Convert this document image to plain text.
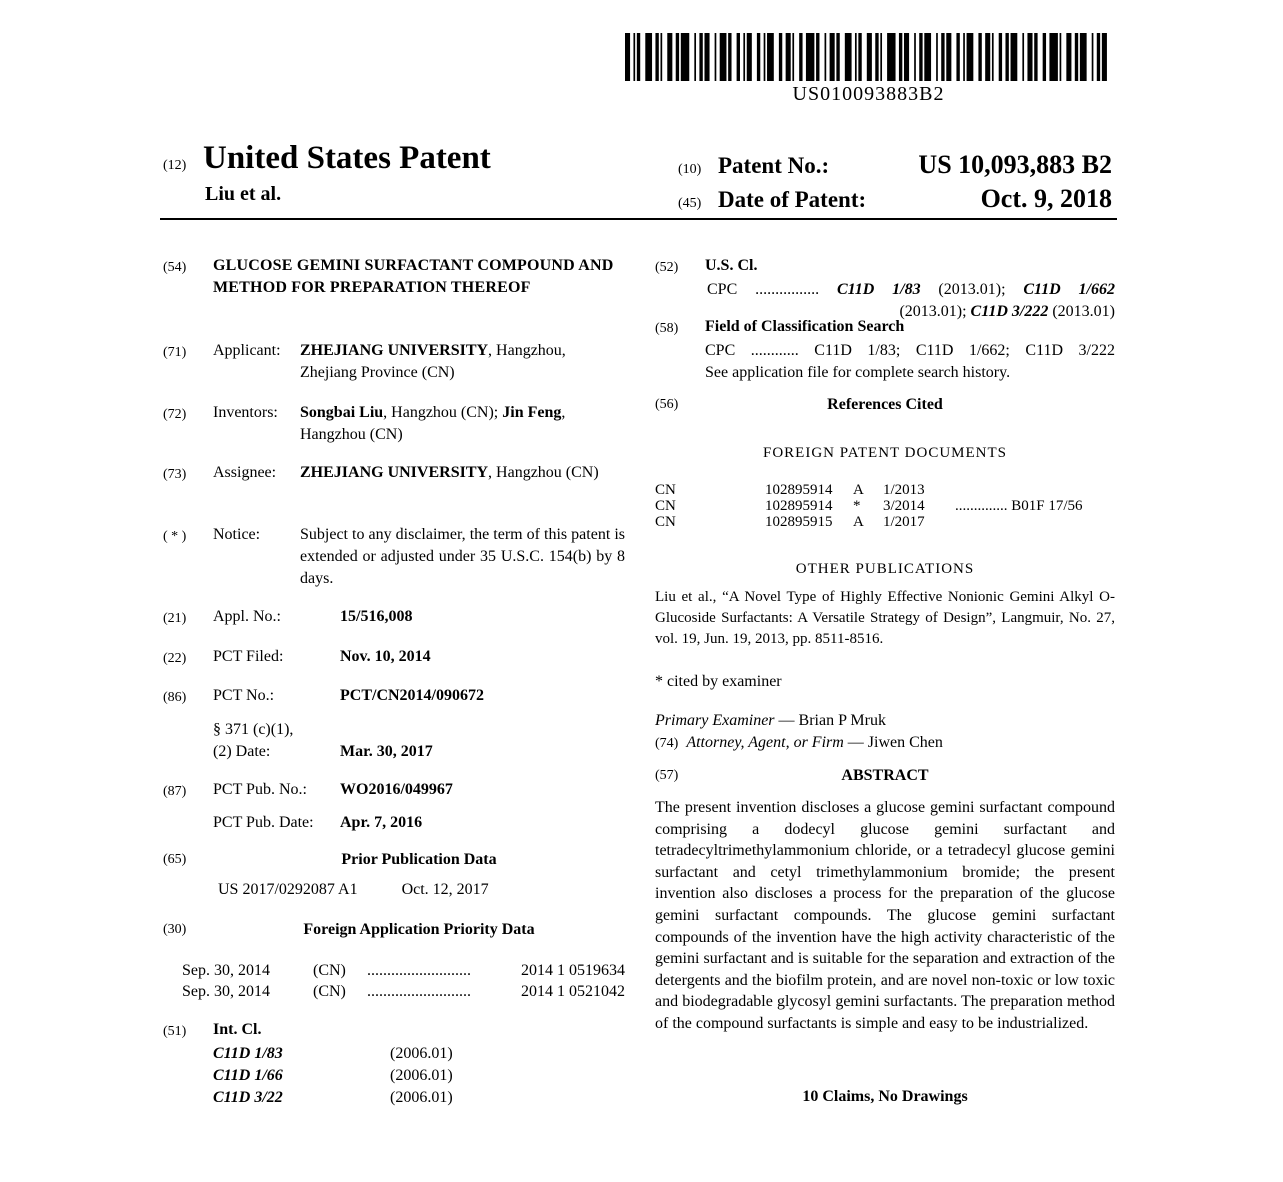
US010093883B2
(12) United States Patent
Liu et al.
(10) Patent No.:	US 10,093,883 B2
(45) Date of Patent:	Oct. 9, 2018
(54)	GLUCOSE GEMINI SURFACTANT COMPOUND AND METHOD FOR PREPARATION THEREOF
(71)	Applicant:	ZHEJIANG UNIVERSITY, Hangzhou, Zhejiang Province (CN)
(72)	Inventors:	Songbai Liu, Hangzhou (CN); Jin Feng, Hangzhou (CN)
(73)	Assignee:	ZHEJIANG UNIVERSITY, Hangzhou (CN)
( * )	Notice:	Subject to any disclaimer, the term of this patent is extended or adjusted under 35 U.S.C. 154(b) by 8 days.
(21)	Appl. No.:	15/516,008
(22)	PCT Filed:	Nov. 10, 2014
(86)	PCT No.:	PCT/CN2014/090672
§ 371 (c)(1),
(2) Date:	Mar. 30, 2017
(87)	PCT Pub. No.:	WO2016/049967
PCT Pub. Date:	Apr. 7, 2016
(65)	Prior Publication Data
US 2017/0292087 A1	Oct. 12, 2017
(30)	Foreign Application Priority Data
Sep. 30, 2014	(CN)	..........................	2014 1 0519634
Sep. 30, 2014	(CN)	..........................	2014 1 0521042
(51)	Int. Cl.
C11D 1/83	(2006.01)
C11D 1/66	(2006.01)
C11D 3/22	(2006.01)
(52)	U.S. Cl.
CPC ................ C11D 1/83 (2013.01); C11D 1/662
(2013.01); C11D 3/222 (2013.01)
(58)	Field of Classification Search
CPC ............ C11D 1/83; C11D 1/662; C11D 3/222
See application file for complete search history.
(56)	References Cited
FOREIGN PATENT DOCUMENTS
CN	102895914	A	1/2013
CN	102895914	*	3/2014	.............. B01F 17/56
CN	102895915	A	1/2017
OTHER PUBLICATIONS
Liu et al., “A Novel Type of Highly Effective Nonionic Gemini Alkyl O-Glucoside Surfactants: A Versatile Strategy of Design”, Langmuir, No. 27, vol. 19, Jun. 19, 2013, pp. 8511-8516.
* cited by examiner
Primary Examiner — Brian P Mruk
(74) Attorney, Agent, or Firm — Jiwen Chen
(57)	ABSTRACT
The present invention discloses a glucose gemini surfactant compound comprising a dodecyl glucose gemini surfactant and tetradecyltrimethylammonium chloride, or a tetradecyl glucose gemini surfactant and cetyl trimethylammonium bromide; the present invention also discloses a process for the preparation of the glucose gemini surfactant compounds. The glucose gemini surfactant compounds of the invention have the high activity characteristic of the gemini surfactant and is suitable for the separation and extraction of the detergents and the biofilm protein, and are novel non-toxic or low toxic and biodegradable glycosyl gemini surfactants. The preparation method of the compound surfactants is simple and easy to be industrialized.
10 Claims, No Drawings
